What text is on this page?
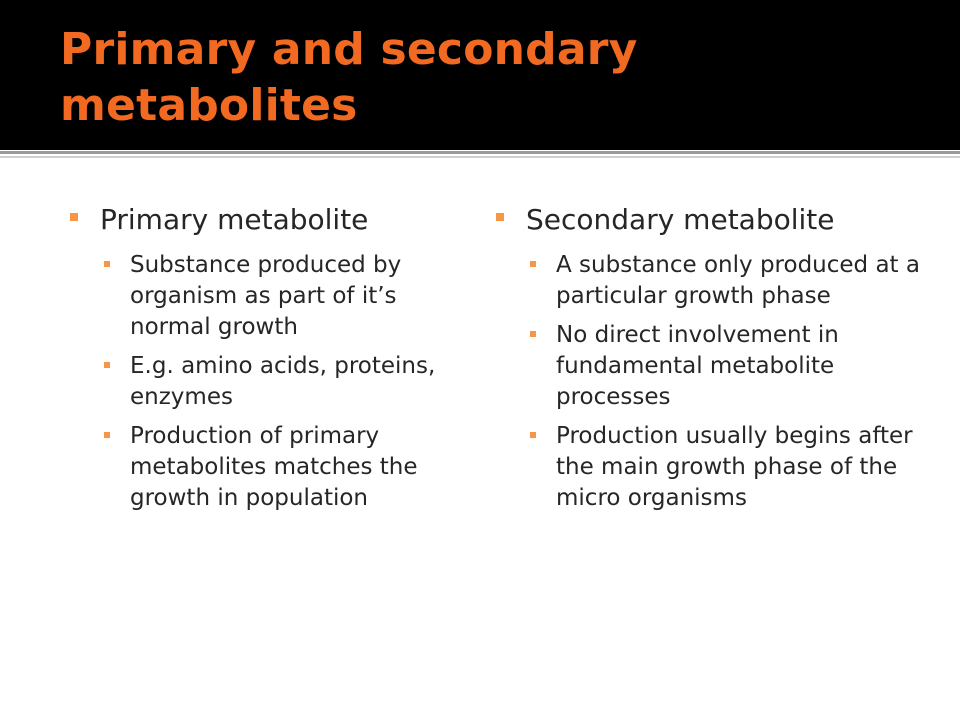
Primary and secondary metabolites
Primary metabolite
Substance produced by organism as part of it’s normal growth
E.g. amino acids, proteins, enzymes
Production of primary metabolites matches the growth in population
Secondary metabolite
A substance only produced at a particular growth phase
No direct involvement in fundamental metabolite processes
Production usually begins after the main growth phase of the micro organisms
